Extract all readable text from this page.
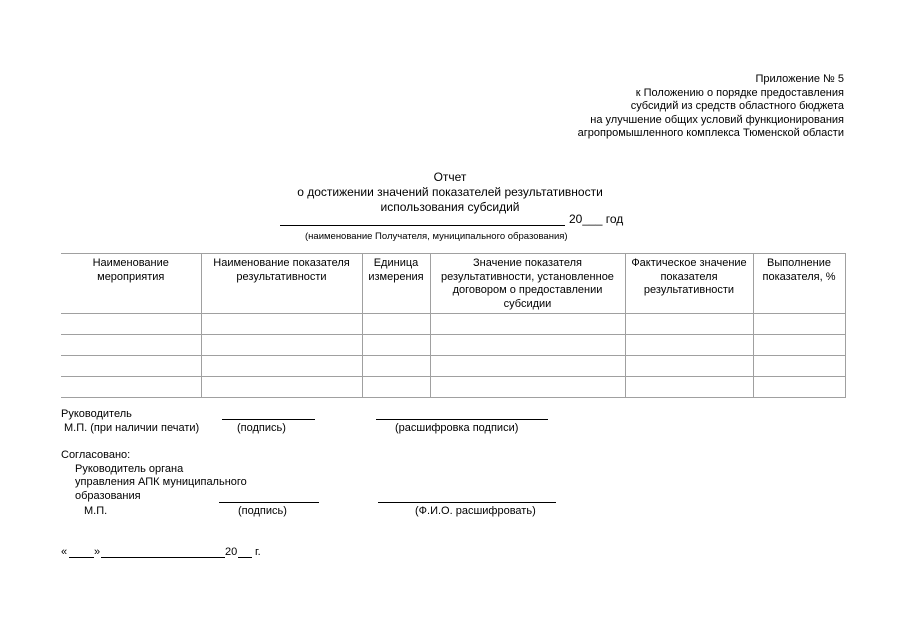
Приложение № 5
к Положению о порядке предоставления
субсидий из средств областного бюджета
на улучшение общих условий функционирования
агропромышленного комплекса Тюменской области
Отчет
о достижении значений показателей результативности
использования субсидий
20___ год
(наименование Получателя, муниципального образования)
Наименование мероприятия	Наименование показателя результативности	Единица измерения	Значение показателя результативности, установленное договором о предоставлении субсидии	Фактическое значение показателя результативности	Выполнение показателя, %

Руководитель
М.П. (при наличии печати)	(подпись)	(расшифровка подписи)
Согласовано:
Руководитель органа
управления АПК муниципального
образования
М.П.	(подпись)	(Ф.И.О. расшифровать)
« »	20 г.
